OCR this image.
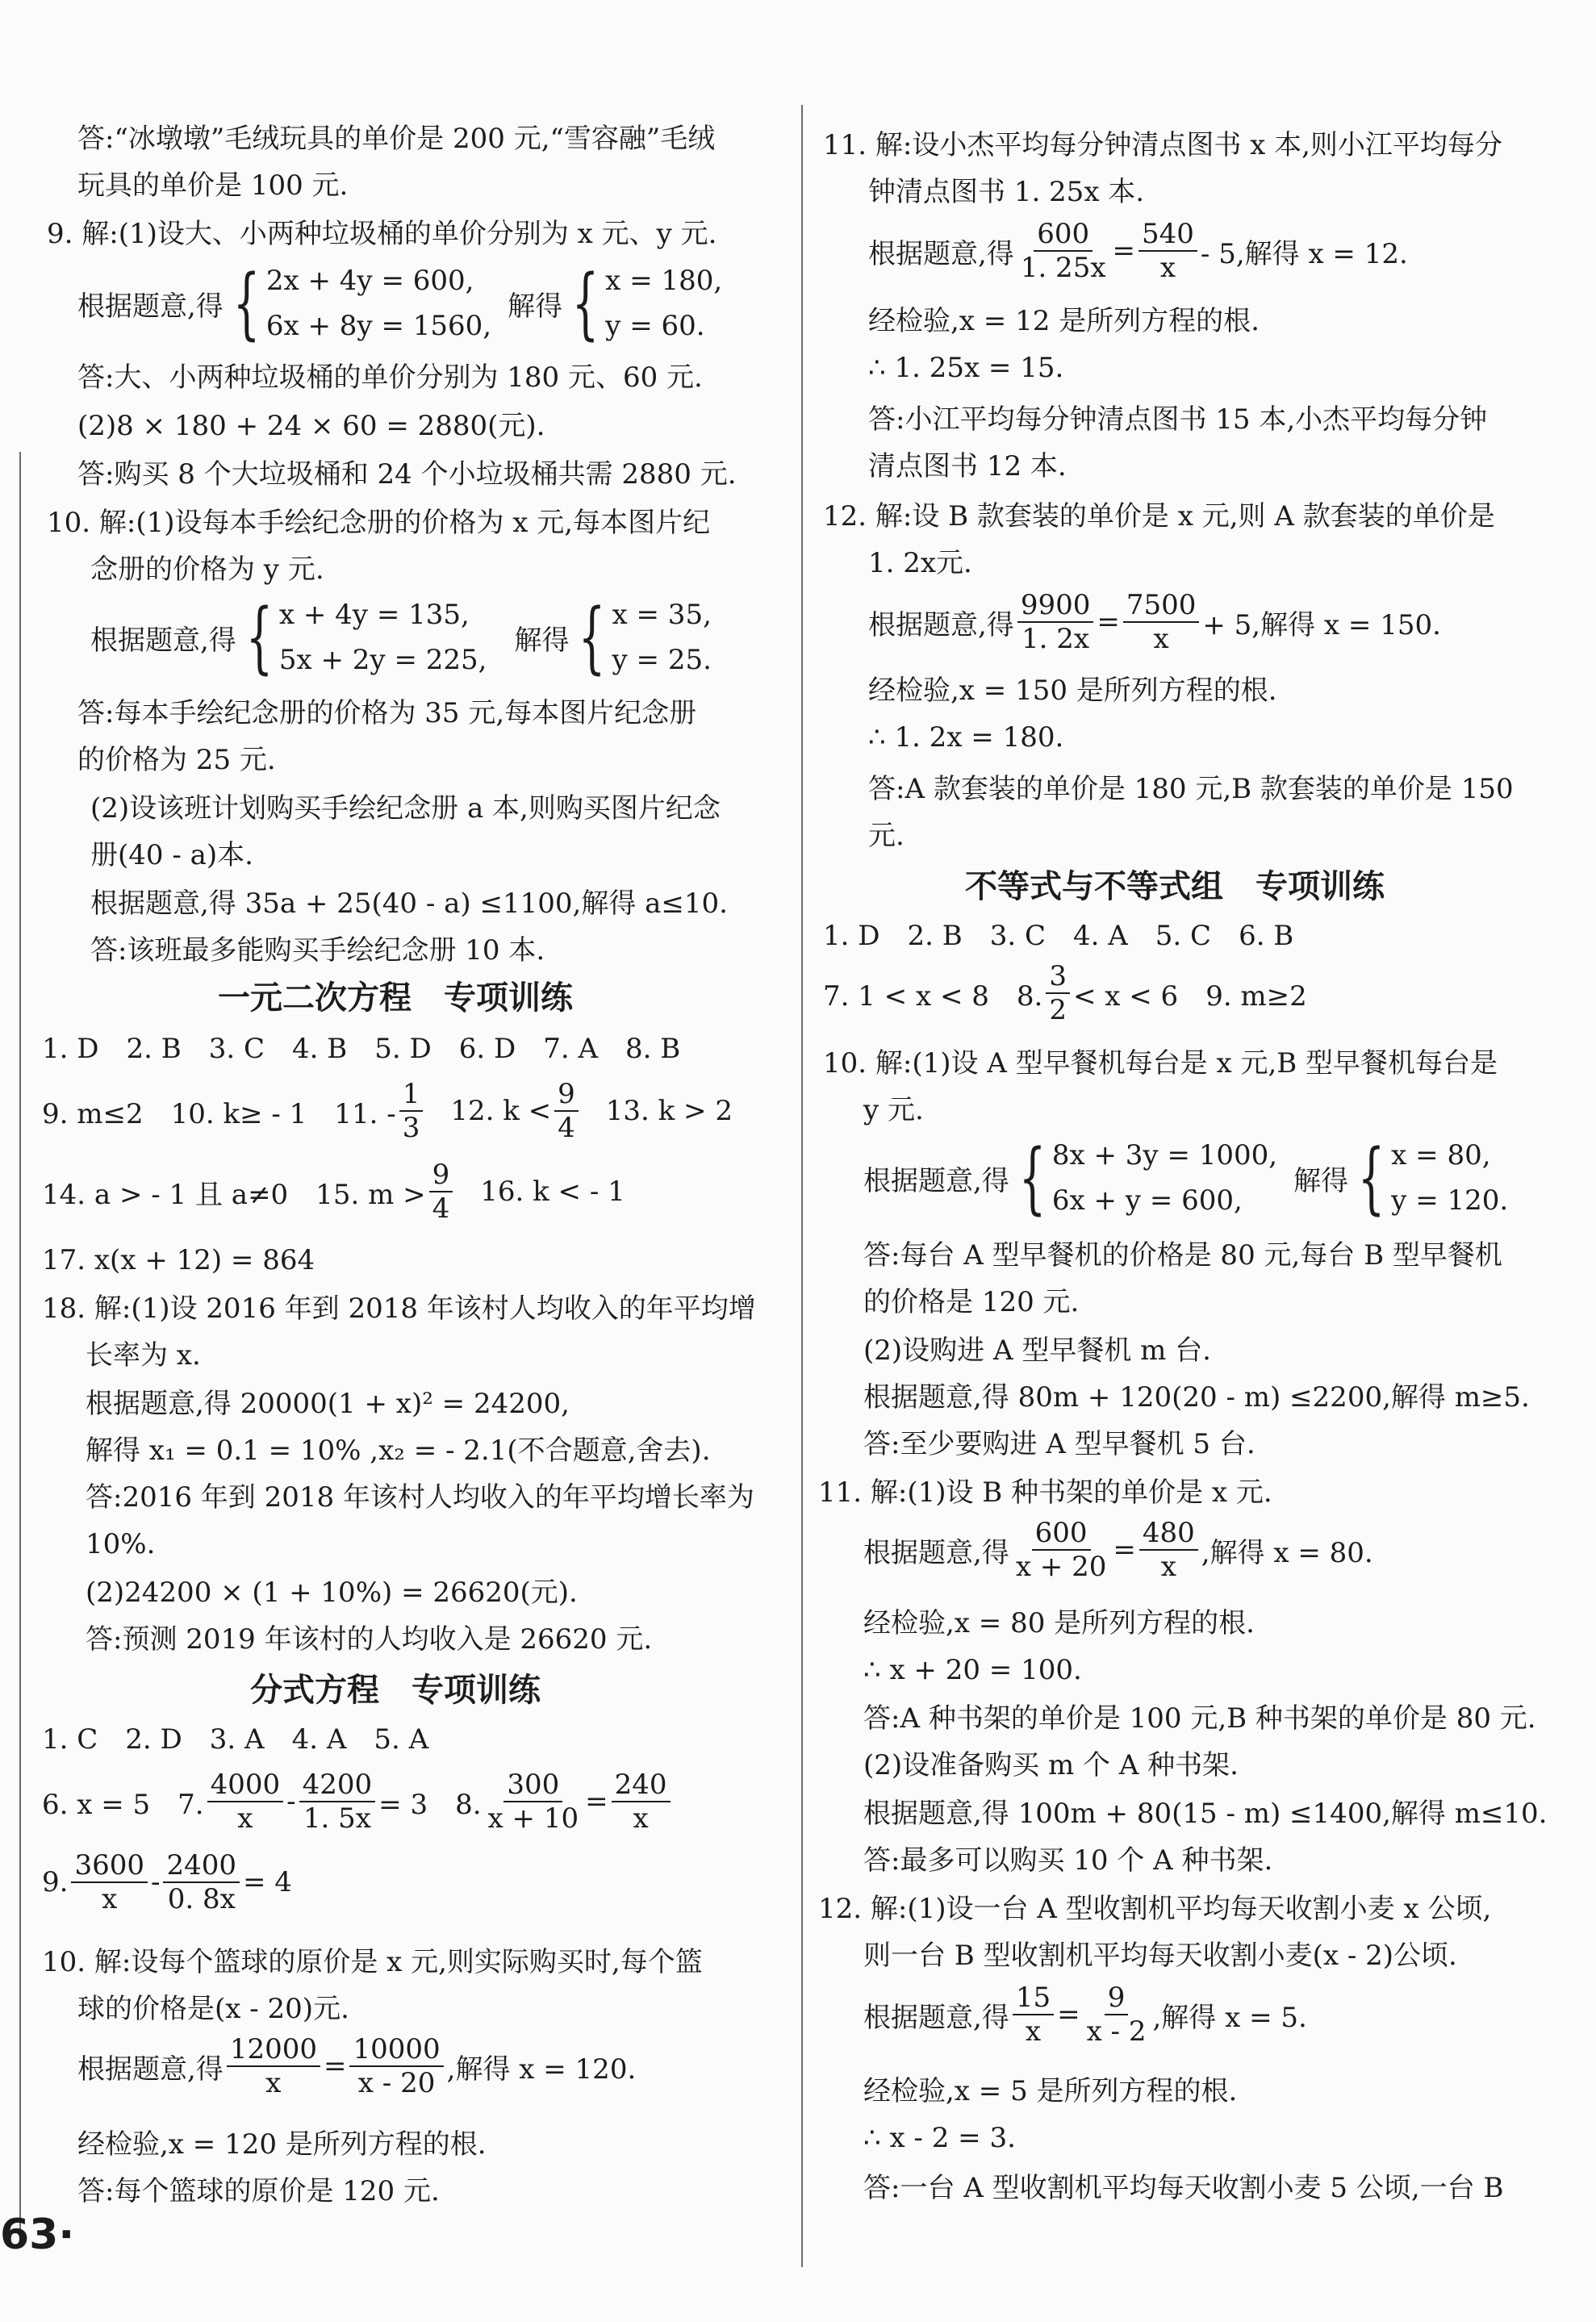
答:“冰墩墩”毛绒玩具的单价是 200 元,“雪容融”毛绒
玩具的单价是 100 元.
9. 解:(1)设大、小两种垃圾桶的单价分别为 x 元、y 元.
根据题意,得 { 2x + 4y = 600,
6x + 8y = 1560,
解得 { x = 180,
y = 60.
答:大、小两种垃圾桶的单价分别为 180 元、60 元.
(2)8 × 180 + 24 × 60 = 2880(元).
答:购买 8 个大垃圾桶和 24 个小垃圾桶共需 2880 元.
10. 解:(1)设每本手绘纪念册的价格为 x 元,每本图片纪
念册的价格为 y 元.
根据题意,得 { x + 4y = 135,
5x + 2y = 225,
解得 { x = 35,
y = 25.
答:每本手绘纪念册的价格为 35 元,每本图片纪念册
的价格为 25 元.
(2)设该班计划购买手绘纪念册 a 本,则购买图片纪念
册(40 - a)本.
根据题意,得 35a + 25(40 - a) ≤1100,解得 a≤10.
答:该班最多能购买手绘纪念册 10 本.
一元二次方程　专项训练
1. D　2. B　3. C　4. B　5. D　6. D　7. A　8. B
9. m≤2　10. k≥ - 1　11. - $\frac{1}{3} 12$. $k < \frac{9}{4} 13$. k > 2
14. a > - 1 且 a≠0　15. $m > \frac{9}{4} 16$. k < - 1
17. x(x + 12) = 864
18. 解:(1)设 2016 年到 2018 年该村人均收入的年平均增
长率为 x.
根据题意,得 20000(1 + x)² = 24200,
解得 x₁ = 0.1 = 10% ,x₂ = - 2.1(不合题意,舍去).
答:2016 年到 2018 年该村人均收入的年平均增长率为
10%.
(2)24200 × (1 + 10%) = 26620(元).
答:预测 2019 年该村的人均收入是 26620 元.
分式方程　专项训练
1. C　2. D　3. A　4. A　5. A
6. x = 5　7. $\frac{4000}{x} - \frac{4200}{1. 5x} = 3$　8. $\frac{300}{x + 10} = \frac{240}{x}$
9. $\frac{3600}{x} - \frac{2400}{0. 8x} = 4$
10. 解:设每个篮球的原价是 x 元,则实际购买时,每个篮
球的价格是(x - 20)元.
根据题意,得 $\frac{12000}{x} = \frac{10000}{x - 20}$ ,解得 x = 120.
经检验,x = 120 是所列方程的根.
答:每个篮球的原价是 120 元.
11. 解:设小杰平均每分钟清点图书 x 本,则小江平均每分
钟清点图书 1. 25x 本.
根据题意,得 $\frac{600}{1. 25x} = \frac{540}{x} - 5$,解得 x = 12.
经检验,x = 12 是所列方程的根.
∴ 1. 25x = 15.
答:小江平均每分钟清点图书 15 本,小杰平均每分钟
清点图书 12 本.
12. 解:设 B 款套装的单价是 x 元,则 A 款套装的单价是
1. 2x元.
根据题意,得 $\frac{9900}{1. 2x} = \frac{7500}{x} + 5$,解得 x = 150.
经检验,x = 150 是所列方程的根.
∴ 1. 2x = 180.
答:A 款套装的单价是 180 元,B 款套装的单价是 150
元.
不等式与不等式组　专项训练
1. D　2. B　3. C　4. A　5. C　6. B
7. 1 < x < 8　8. $\frac{3}{2} < x < 6$　9. m≥2
10. 解:(1)设 A 型早餐机每台是 x 元,B 型早餐机每台是
y 元.
根据题意,得 { 8x + 3y = 1000,
6x + y = 600,
解得 { x = 80,
y = 120.
答:每台 A 型早餐机的价格是 80 元,每台 B 型早餐机
的价格是 120 元.
(2)设购进 A 型早餐机 m 台.
根据题意,得 80m + 120(20 - m) ≤2200,解得 m≥5.
答:至少要购进 A 型早餐机 5 台.
11. 解:(1)设 B 种书架的单价是 x 元.
根据题意,得 $\frac{600}{x + 20} = \frac{480}{x}$ ,解得 x = 80.
经检验,x = 80 是所列方程的根.
∴ x + 20 = 100.
答:A 种书架的单价是 100 元,B 种书架的单价是 80 元.
(2)设准备购买 m 个 A 种书架.
根据题意,得 100m + 80(15 - m) ≤1400,解得 m≤10.
答:最多可以购买 10 个 A 种书架.
12. 解:(1)设一台 A 型收割机平均每天收割小麦 x 公顷,
则一台 B 型收割机平均每天收割小麦(x - 2)公顷.
根据题意,得 $\frac{15}{x} = \frac{9}{x - 2}$ ,解得 x = 5.
经检验,x = 5 是所列方程的根.
∴ x - 2 = 3.
答:一台 A 型收割机平均每天收割小麦 5 公顷,一台 B
63·
